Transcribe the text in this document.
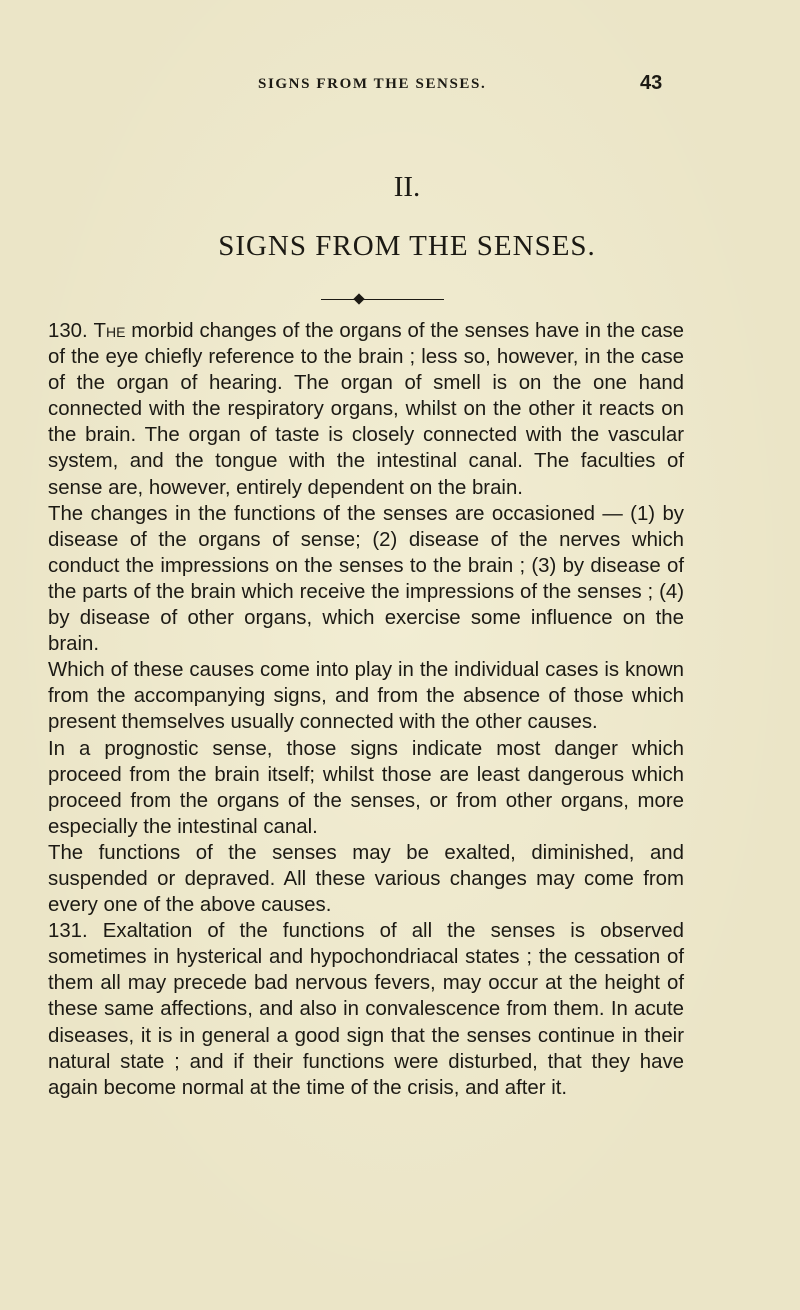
SIGNS FROM THE SENSES.	43
II.
SIGNS FROM THE SENSES.

130. The morbid changes of the organs of the senses have in the case of the eye chiefly reference to the brain ; less so, however, in the case of the organ of hearing. The organ of smell is on the one hand connected with the respiratory organs, whilst on the other it reacts on the brain. The organ of taste is closely connected with the vascular system, and the tongue with the intestinal canal. The faculties of sense are, however, entirely dependent on the brain.

The changes in the functions of the senses are occasioned — (1) by disease of the organs of sense; (2) disease of the nerves which conduct the impressions on the senses to the brain ; (3) by disease of the parts of the brain which receive the impressions of the senses ; (4) by disease of other organs, which exercise some influence on the brain.

Which of these causes come into play in the individual cases is known from the accompanying signs, and from the absence of those which present themselves usually connected with the other causes.

In a prognostic sense, those signs indicate most danger which proceed from the brain itself; whilst those are least dangerous which proceed from the organs of the senses, or from other organs, more especially the intestinal canal.

The functions of the senses may be exalted, diminished, and suspended or depraved. All these various changes may come from every one of the above causes.

131. Exaltation of the functions of all the senses is observed sometimes in hysterical and hypochondriacal states ; the cessation of them all may precede bad nervous fevers, may occur at the height of these same affections, and also in convalescence from them. In acute diseases, it is in general a good sign that the senses continue in their natural state ; and if their functions were disturbed, that they have again become normal at the time of the crisis, and after it.
